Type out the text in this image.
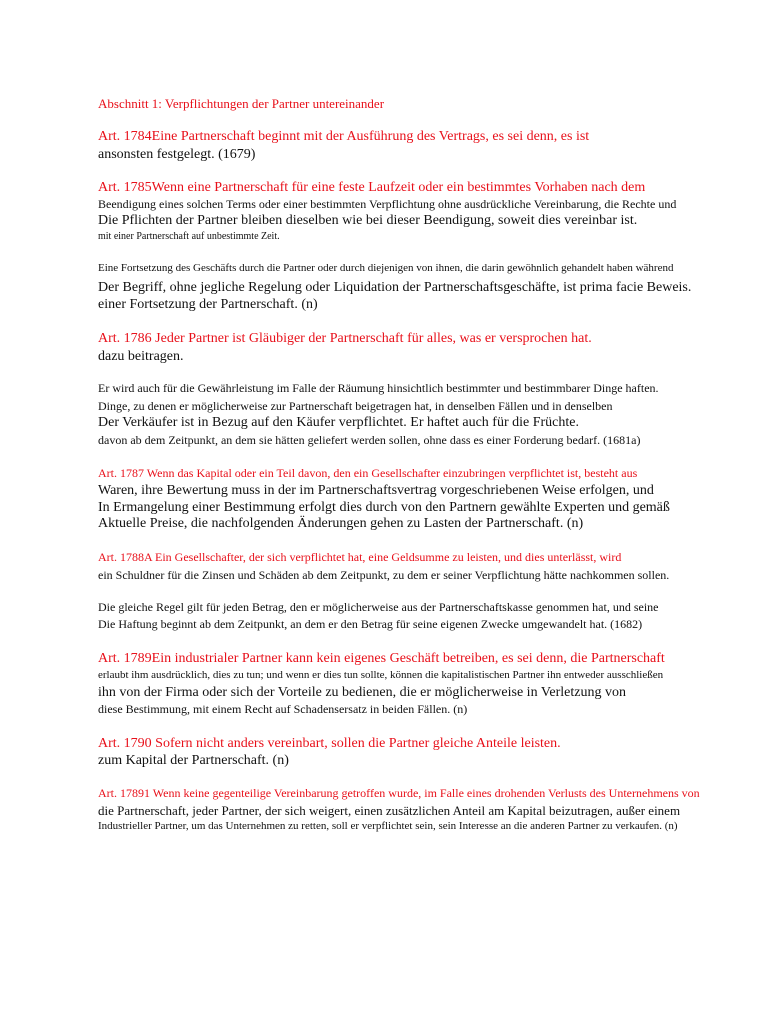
Abschnitt 1: Verpflichtungen der Partner untereinander
Art. 1784Eine Partnerschaft beginnt mit der Ausführung des Vertrags, es sei denn, es ist
ansonsten festgelegt. (1679)
Art. 1785Wenn eine Partnerschaft für eine feste Laufzeit oder ein bestimmtes Vorhaben nach dem
Beendigung eines solchen Terms oder einer bestimmten Verpflichtung ohne ausdrückliche Vereinbarung, die Rechte und
Die Pflichten der Partner bleiben dieselben wie bei dieser Beendigung, soweit dies vereinbar ist.
mit einer Partnerschaft auf unbestimmte Zeit.
Eine Fortsetzung des Geschäfts durch die Partner oder durch diejenigen von ihnen, die darin gewöhnlich gehandelt haben während
Der Begriff, ohne jegliche Regelung oder Liquidation der Partnerschaftsgeschäfte, ist prima facie Beweis.
einer Fortsetzung der Partnerschaft. (n)
Art. 1786 Jeder Partner ist Gläubiger der Partnerschaft für alles, was er versprochen hat.
dazu beitragen.
Er wird auch für die Gewährleistung im Falle der Räumung hinsichtlich bestimmter und bestimmbarer Dinge haften.
Dinge, zu denen er möglicherweise zur Partnerschaft beigetragen hat, in denselben Fällen und in denselben
Der Verkäufer ist in Bezug auf den Käufer verpflichtet. Er haftet auch für die Früchte.
davon ab dem Zeitpunkt, an dem sie hätten geliefert werden sollen, ohne dass es einer Forderung bedarf. (1681a)
Art. 1787 Wenn das Kapital oder ein Teil davon, den ein Gesellschafter einzubringen verpflichtet ist, besteht aus
Waren, ihre Bewertung muss in der im Partnerschaftsvertrag vorgeschriebenen Weise erfolgen, und
In Ermangelung einer Bestimmung erfolgt dies durch von den Partnern gewählte Experten und gemäß
Aktuelle Preise, die nachfolgenden Änderungen gehen zu Lasten der Partnerschaft. (n)
Art. 1788A Ein Gesellschafter, der sich verpflichtet hat, eine Geldsumme zu leisten, und dies unterlässt, wird
ein Schuldner für die Zinsen und Schäden ab dem Zeitpunkt, zu dem er seiner Verpflichtung hätte nachkommen sollen.
Die gleiche Regel gilt für jeden Betrag, den er möglicherweise aus der Partnerschaftskasse genommen hat, und seine
Die Haftung beginnt ab dem Zeitpunkt, an dem er den Betrag für seine eigenen Zwecke umgewandelt hat. (1682)
Art. 1789Ein industrialer Partner kann kein eigenes Geschäft betreiben, es sei denn, die Partnerschaft
erlaubt ihm ausdrücklich, dies zu tun; und wenn er dies tun sollte, können die kapitalistischen Partner ihn entweder ausschließen
ihn von der Firma oder sich der Vorteile zu bedienen, die er möglicherweise in Verletzung von
diese Bestimmung, mit einem Recht auf Schadensersatz in beiden Fällen. (n)
Art. 1790 Sofern nicht anders vereinbart, sollen die Partner gleiche Anteile leisten.
zum Kapital der Partnerschaft. (n)
Art. 17891 Wenn keine gegenteilige Vereinbarung getroffen wurde, im Falle eines drohenden Verlusts des Unternehmens von
die Partnerschaft, jeder Partner, der sich weigert, einen zusätzlichen Anteil am Kapital beizutragen, außer einem
Industrieller Partner, um das Unternehmen zu retten, soll er verpflichtet sein, sein Interesse an die anderen Partner zu verkaufen. (n)
